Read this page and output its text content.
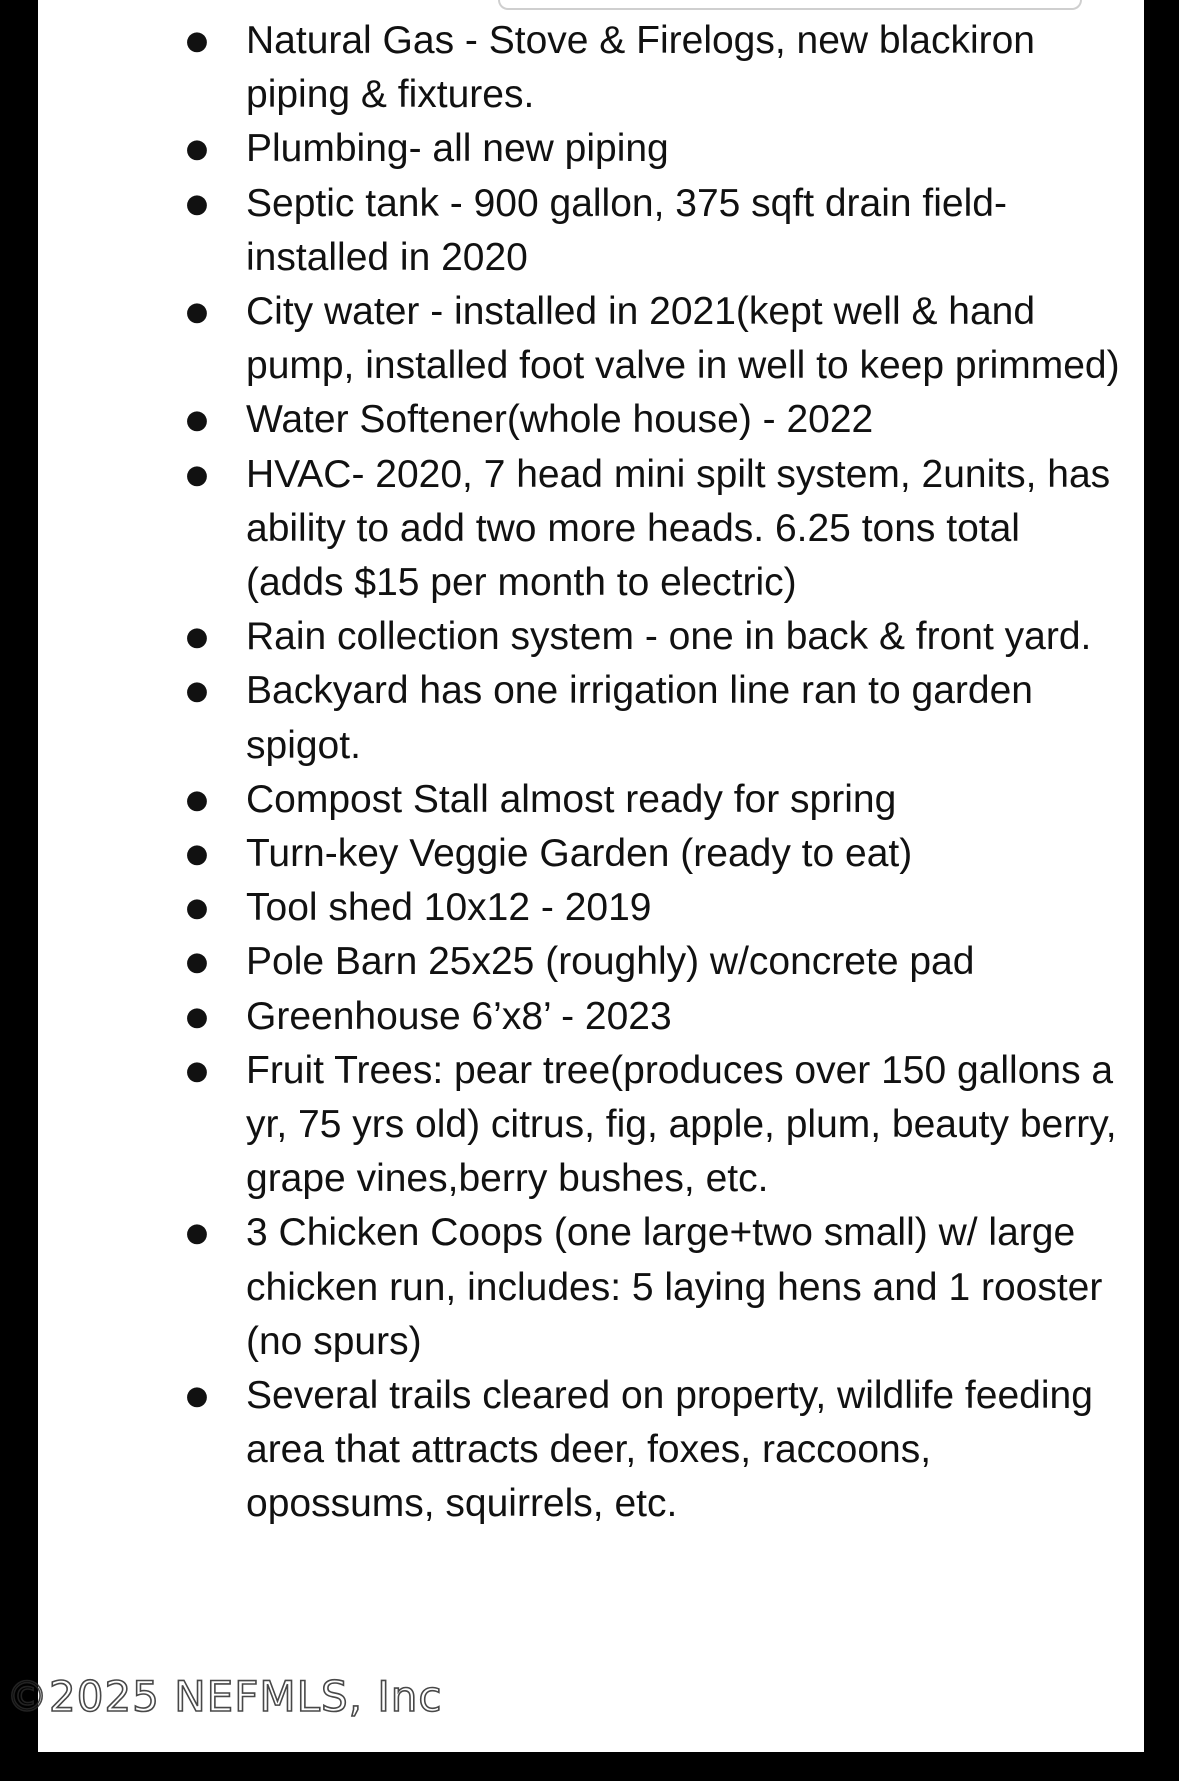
● Natural Gas - Stove & Firelogs, new blackiron piping & fixtures.
● Plumbing- all new piping
● Septic tank - 900 gallon, 375 sqft drain field- installed in 2020
● City water - installed in 2021(kept well & hand pump, installed foot valve in well to keep primmed)
● Water Softener(whole house) - 2022
● HVAC- 2020, 7 head mini spilt system, 2units, has ability to add two more heads. 6.25 tons total (adds $15 per month to electric)
● Rain collection system - one in back & front yard.
● Backyard has one irrigation line ran to garden spigot.
● Compost Stall almost ready for spring
● Turn-key Veggie Garden (ready to eat)
● Tool shed 10x12 - 2019
● Pole Barn 25x25 (roughly) w/concrete pad
● Greenhouse 6’x8’ - 2023
● Fruit Trees: pear tree(produces over 150 gallons a yr, 75 yrs old) citrus, fig, apple, plum, beauty berry, grape vines,berry bushes, etc.
● 3 Chicken Coops (one large+two small) w/ large chicken run, includes: 5 laying hens and 1 rooster (no spurs)
● Several trails cleared on property, wildlife feeding area that attracts deer, foxes, raccoons, opossums, squirrels, etc.
©2025 NEFMLS, Inc
